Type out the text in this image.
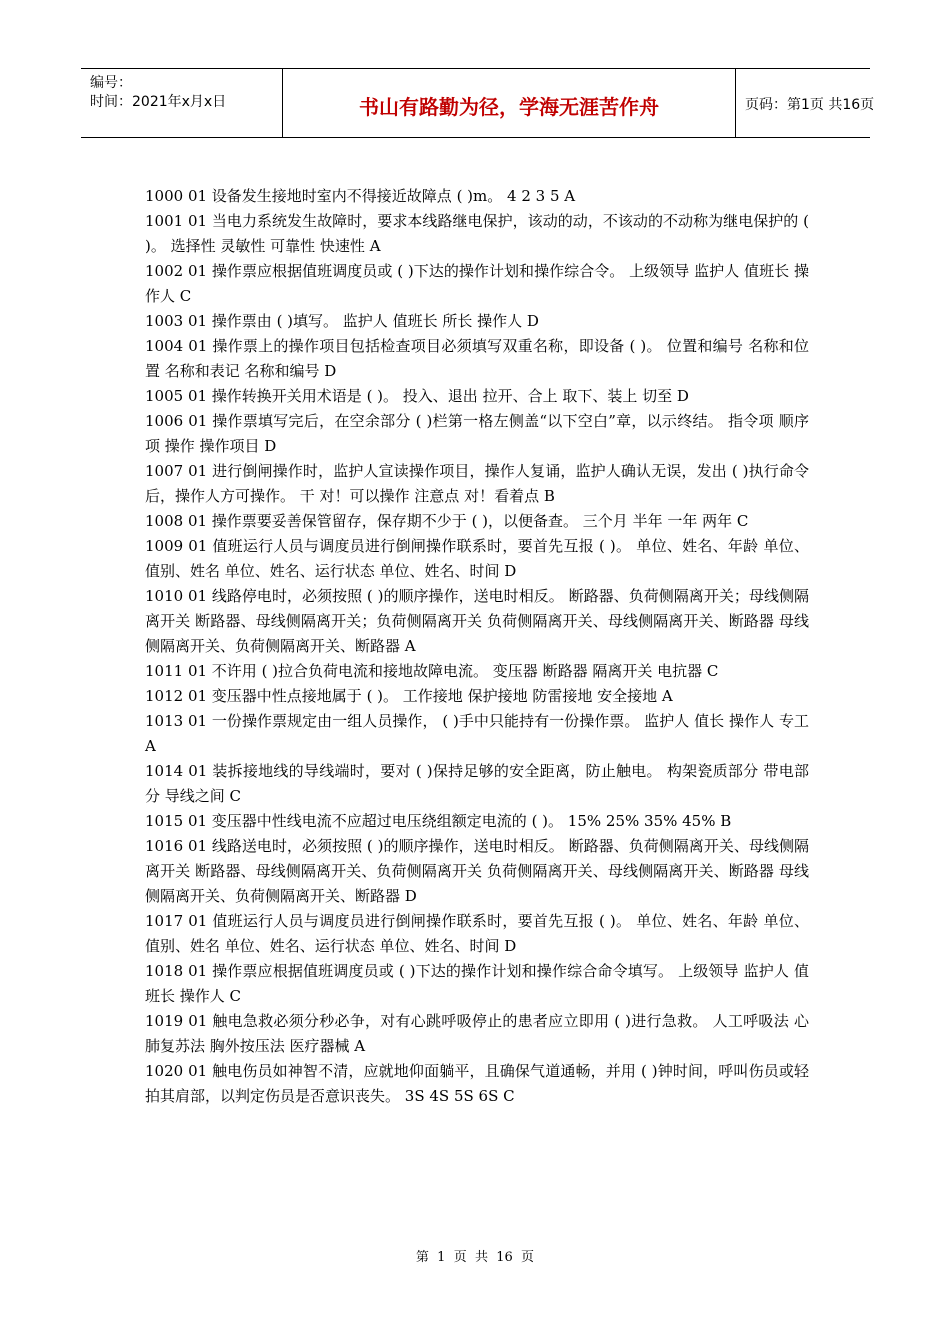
编号：
时间：2021年x月x日	书山有路勤为径，学海无涯苦作舟	页码：第1页 共16页
1000 01 设备发生接地时室内不得接近故障点 ( )m。 4 2 3 5 A
1001 01 当电力系统发生故障时，要求本线路继电保护，该动的动，不该动的不动称为继电保护的 ( )。 选择性 灵敏性 可靠性 快速性 A
1002 01 操作票应根据值班调度员或 ( )下达的操作计划和操作综合令。 上级领导 监护人 值班长 操作人 C
1003 01 操作票由 ( )填写。 监护人 值班长 所长 操作人 D
1004 01 操作票上的操作项目包括检查项目必须填写双重名称，即设备 ( )。 位置和编号 名称和位置 名称和表记 名称和编号 D
1005 01 操作转换开关用术语是 ( )。 投入、退出 拉开、合上 取下、装上 切至 D
1006 01 操作票填写完后，在空余部分 ( )栏第一格左侧盖“以下空白”章，以示终结。 指令项 顺序项 操作 操作项目 D
1007 01 进行倒闸操作时，监护人宣读操作项目，操作人复诵，监护人确认无误，发出 ( )执行命令后，操作人方可操作。 干 对！可以操作 注意点 对！看着点 B
1008 01 操作票要妥善保管留存，保存期不少于 ( )，以便备查。 三个月 半年 一年 两年 C
1009 01 值班运行人员与调度员进行倒闸操作联系时，要首先互报 ( )。 单位、姓名、年龄 单位、值别、姓名 单位、姓名、运行状态 单位、姓名、时间 D
1010 01 线路停电时，必须按照 ( )的顺序操作，送电时相反。 断路器、负荷侧隔离开关；母线侧隔离开关 断路器、母线侧隔离开关；负荷侧隔离开关 负荷侧隔离开关、母线侧隔离开关、断路器 母线侧隔离开关、负荷侧隔离开关、断路器 A
1011 01 不许用 ( )拉合负荷电流和接地故障电流。 变压器 断路器 隔离开关 电抗器 C
1012 01 变压器中性点接地属于 ( )。 工作接地 保护接地 防雷接地 安全接地 A
1013 01 一份操作票规定由一组人员操作， ( )手中只能持有一份操作票。 监护人 值长 操作人 专工 A
1014 01 装拆接地线的导线端时，要对 ( )保持足够的安全距离，防止触电。 构架瓷质部分 带电部分 导线之间 C
1015 01 变压器中性线电流不应超过电压绕组额定电流的 ( )。 15% 25% 35% 45% B
1016 01 线路送电时，必须按照 ( )的顺序操作，送电时相反。 断路器、负荷侧隔离开关、母线侧隔离开关 断路器、母线侧隔离开关、负荷侧隔离开关 负荷侧隔离开关、母线侧隔离开关、断路器 母线侧隔离开关、负荷侧隔离开关、断路器 D
1017 01 值班运行人员与调度员进行倒闸操作联系时，要首先互报 ( )。 单位、姓名、年龄 单位、值别、姓名 单位、姓名、运行状态 单位、姓名、时间 D
1018 01 操作票应根据值班调度员或 ( )下达的操作计划和操作综合命令填写。 上级领导 监护人 值班长 操作人 C
1019 01 触电急救必须分秒必争，对有心跳呼吸停止的患者应立即用 ( )进行急救。 人工呼吸法 心肺复苏法 胸外按压法 医疗器械 A
1020 01 触电伤员如神智不清，应就地仰面躺平，且确保气道通畅，并用 ( )钟时间，呼叫伤员或轻拍其肩部，以判定伤员是否意识丧失。 3S 4S 5S 6S C
第  1  页  共  16  页
